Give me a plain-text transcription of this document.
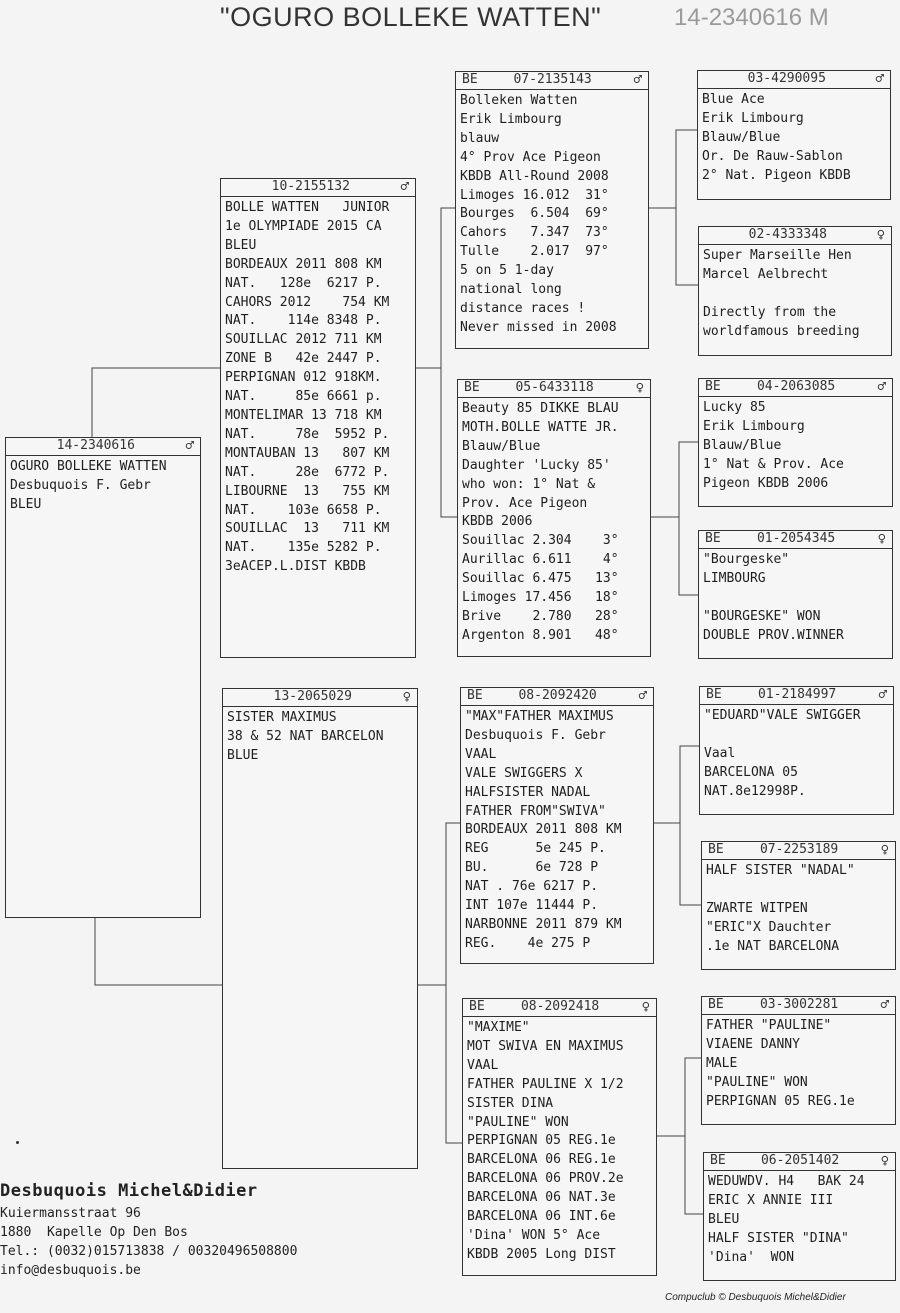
"OGURO BOLLEKE WATTEN"	14-2340616 M
14-2340616	♂
OGURO BOLLEKE WATTEN
Desbuquois F. Gebr
BLEU
10-2155132	♂
BOLLE WATTEN   JUNIOR
1e OLYMPIADE 2015 CA
BLEU
BORDEAUX 2011 808 KM
NAT.   128e  6217 P.
CAHORS 2012    754 KM
NAT.    114e 8348 P.
SOUILLAC 2012 711 KM
ZONE B   42e 2447 P.
PERPIGNAN 012 918KM.
NAT.     85e 6661 p.
MONTELIMAR 13 718 KM
NAT.     78e  5952 P.
MONTAUBAN 13   807 KM
NAT.     28e  6772 P.
LIBOURNE  13   755 KM
NAT.    103e 6658 P.
SOUILLAC  13   711 KM
NAT.    135e 5282 P.
3eACEP.L.DIST KBDB
13-2065029	♀
SISTER MAXIMUS
38 & 52 NAT BARCELON
BLUE
BE	07-2135143	♂
Bolleken Watten
Erik Limbourg
blauw
4° Prov Ace Pigeon
KBDB All-Round 2008
Limoges 16.012  31°
Bourges  6.504  69°
Cahors   7.347  73°
Tulle    2.017  97°
5 on 5 1-day
national long
distance races !
Never missed in 2008
BE	05-6433118	♀
Beauty 85 DIKKE BLAU
MOTH.BOLLE WATTE JR.
Blauw/Blue
Daughter 'Lucky 85'
who won: 1° Nat &
Prov. Ace Pigeon
KBDB 2006
Souillac 2.304    3°
Aurillac 6.611    4°
Souillac 6.475   13°
Limoges 17.456   18°
Brive    2.780   28°
Argenton 8.901   48°
BE	08-2092420	♂
"MAX"FATHER MAXIMUS
Desbuquois F. Gebr
VAAL
VALE SWIGGERS X
HALFSISTER NADAL
FATHER FROM"SWIVA"
BORDEAUX 2011 808 KM
REG      5e 245 P.
BU.      6e 728 P
NAT . 76e 6217 P.
INT 107e 11444 P.
NARBONNE 2011 879 KM
REG.    4e 275 P
BE	08-2092418	♀
"MAXIME"
MOT SWIVA EN MAXIMUS
VAAL
FATHER PAULINE X 1/2
SISTER DINA
"PAULINE" WON
PERPIGNAN 05 REG.1e
BARCELONA 06 REG.1e
BARCELONA 06 PROV.2e
BARCELONA 06 NAT.3e
BARCELONA 06 INT.6e
'Dina' WON 5° Ace
KBDB 2005 Long DIST
03-4290095	♂
Blue Ace
Erik Limbourg
Blauw/Blue
Or. De Rauw-Sablon
2° Nat. Pigeon KBDB
02-4333348	♀
Super Marseille Hen
Marcel Aelbrecht
Directly from the
worldfamous breeding
BE	04-2063085	♂
Lucky 85
Erik Limbourg
Blauw/Blue
1° Nat & Prov. Ace
Pigeon KBDB 2006
BE	01-2054345	♀
"Bourgeske"
LIMBOURG
"BOURGESKE" WON
DOUBLE PROV.WINNER
BE	01-2184997	♂
"EDUARD"VALE SWIGGER
Vaal
BARCELONA 05
NAT.8e12998P.
BE	07-2253189	♀
HALF SISTER "NADAL"
ZWARTE WITPEN
"ERIC"X Dauchter
.1e NAT BARCELONA
BE	03-3002281	♂
FATHER "PAULINE"
VIAENE DANNY
MALE
"PAULINE" WON
PERPIGNAN 05 REG.1e
BE	06-2051402	♀
WEDUWDV. H4   BAK 24
ERIC X ANNIE III
BLEU
HALF SISTER "DINA"
'Dina'  WON
Desbuquois Michel&Didier
Kuiermansstraat 96
1880  Kapelle Op Den Bos
Tel.: (0032)015713838 / 00320496508800
info@desbuquois.be
Compuclub © Desbuquois Michel&Didier
